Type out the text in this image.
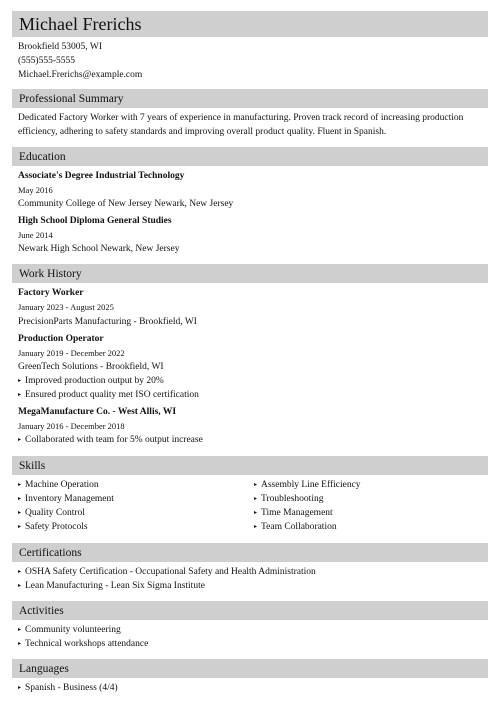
Michael Frerichs
Brookfield 53005, WI
(555)555-5555
Michael.Frerichs@example.com
Professional Summary
Dedicated Factory Worker with 7 years of experience in manufacturing. Proven track record of increasing production efficiency, adhering to safety standards and improving overall product quality. Fluent in Spanish.
Education
Associate's Degree Industrial Technology
May 2016
Community College of New Jersey Newark, New Jersey
High School Diploma General Studies
June 2014
Newark High School Newark, New Jersey
Work History
Factory Worker
January 2023 - August 2025
PrecisionParts Manufacturing - Brookfield, WI
Production Operator
January 2019 - December 2022
GreenTech Solutions - Brookfield, WI
▸ Improved production output by 20%
▸ Ensured product quality met ISO certification
MegaManufacture Co. - West Allis, WI
January 2016 - December 2018
▸ Collaborated with team for 5% output increase
Skills
▸ Machine Operation
▸ Inventory Management
▸ Quality Control
▸ Safety Protocols
▸ Assembly Line Efficiency
▸ Troubleshooting
▸ Time Management
▸ Team Collaboration
Certifications
▸ OSHA Safety Certification - Occupational Safety and Health Administration
▸ Lean Manufacturing - Lean Six Sigma Institute
Activities
▸ Community volunteering
▸ Technical workshops attendance
Languages
▸ Spanish - Business (4/4)
